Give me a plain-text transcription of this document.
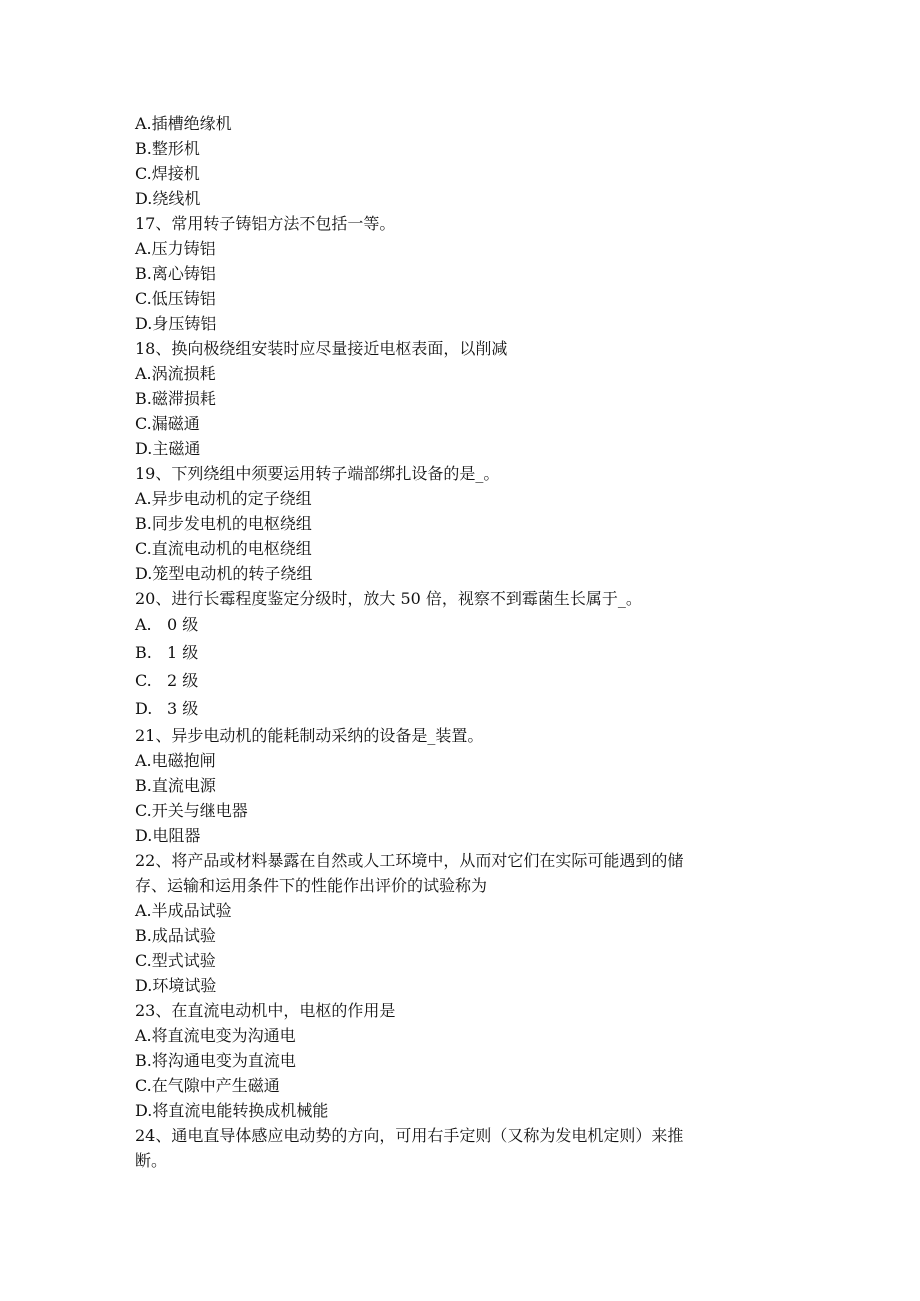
A.插槽绝缘机
B.整形机
C.焊接机
D.绕线机
17、常用转子铸铝方法不包括一等。
A.压力铸铝
B.离心铸铝
C.低压铸铝
D.身压铸铝
18、换向极绕组安装时应尽量接近电枢表面，以削减
A.涡流损耗
B.磁滞损耗
C.漏磁通
D.主磁通
19、下列绕组中须要运用转子端部绑扎设备的是_。
A.异步电动机的定子绕组
B.同步发电机的电枢绕组
C.直流电动机的电枢绕组
D.笼型电动机的转子绕组
20、进行长霉程度鉴定分级时，放大 50 倍，视察不到霉菌生长属于_。
A. 0 级
B. 1 级
C. 2 级
D. 3 级
21、异步电动机的能耗制动采纳的设备是_装置。
A.电磁抱闸
B.直流电源
C.开关与继电器
D.电阻器
22、将产品或材料暴露在自然或人工环境中，从而对它们在实际可能遇到的储
存、运输和运用条件下的性能作出评价的试验称为
A.半成品试验
B.成品试验
C.型式试验
D.环境试验
23、在直流电动机中，电枢的作用是
A.将直流电变为沟通电
B.将沟通电变为直流电
C.在气隙中产生磁通
D.将直流电能转换成机械能
24、通电直导体感应电动势的方向，可用右手定则（又称为发电机定则）来推
断。
